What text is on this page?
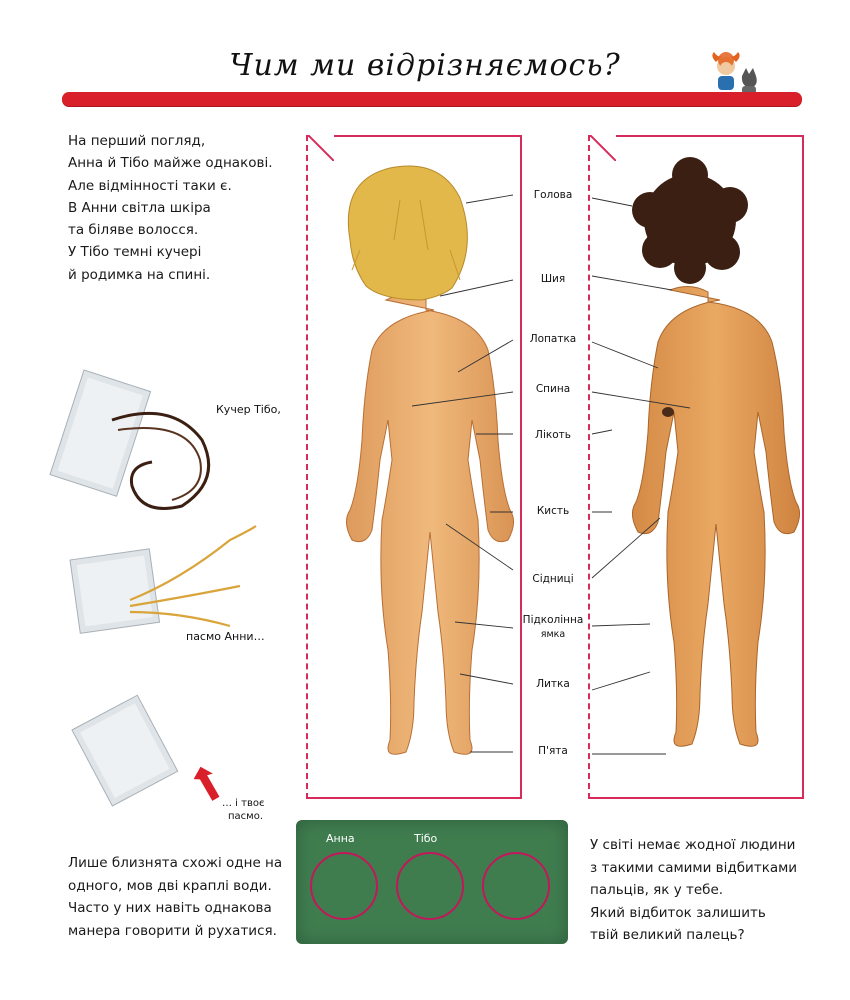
Чим ми відрізняємось?
На перший погляд,
Анна й Тібо майже однакові.
Але відмінності таки є.
В Анни світла шкіра
та біляве волосся.
У Тібо темні кучері
й родимка на спині.
Голова
Шия
Лопатка
Спина
Лікоть
Кисть
Сідниці
Підколінна
ямка
Литка
П'ята
Кучер Тібо,
пасмо Анни…
… і твоє
пасмо.
Лише близнята схожі одне на
одного, мов дві краплі води.
Часто у них навіть однакова
манера говорити й рухатися.
Анна	Тібо	У світі немає жодної людини
з такими самими відбитками
пальців, як у тебе.
Який відбиток залишить
твій великий палець?
